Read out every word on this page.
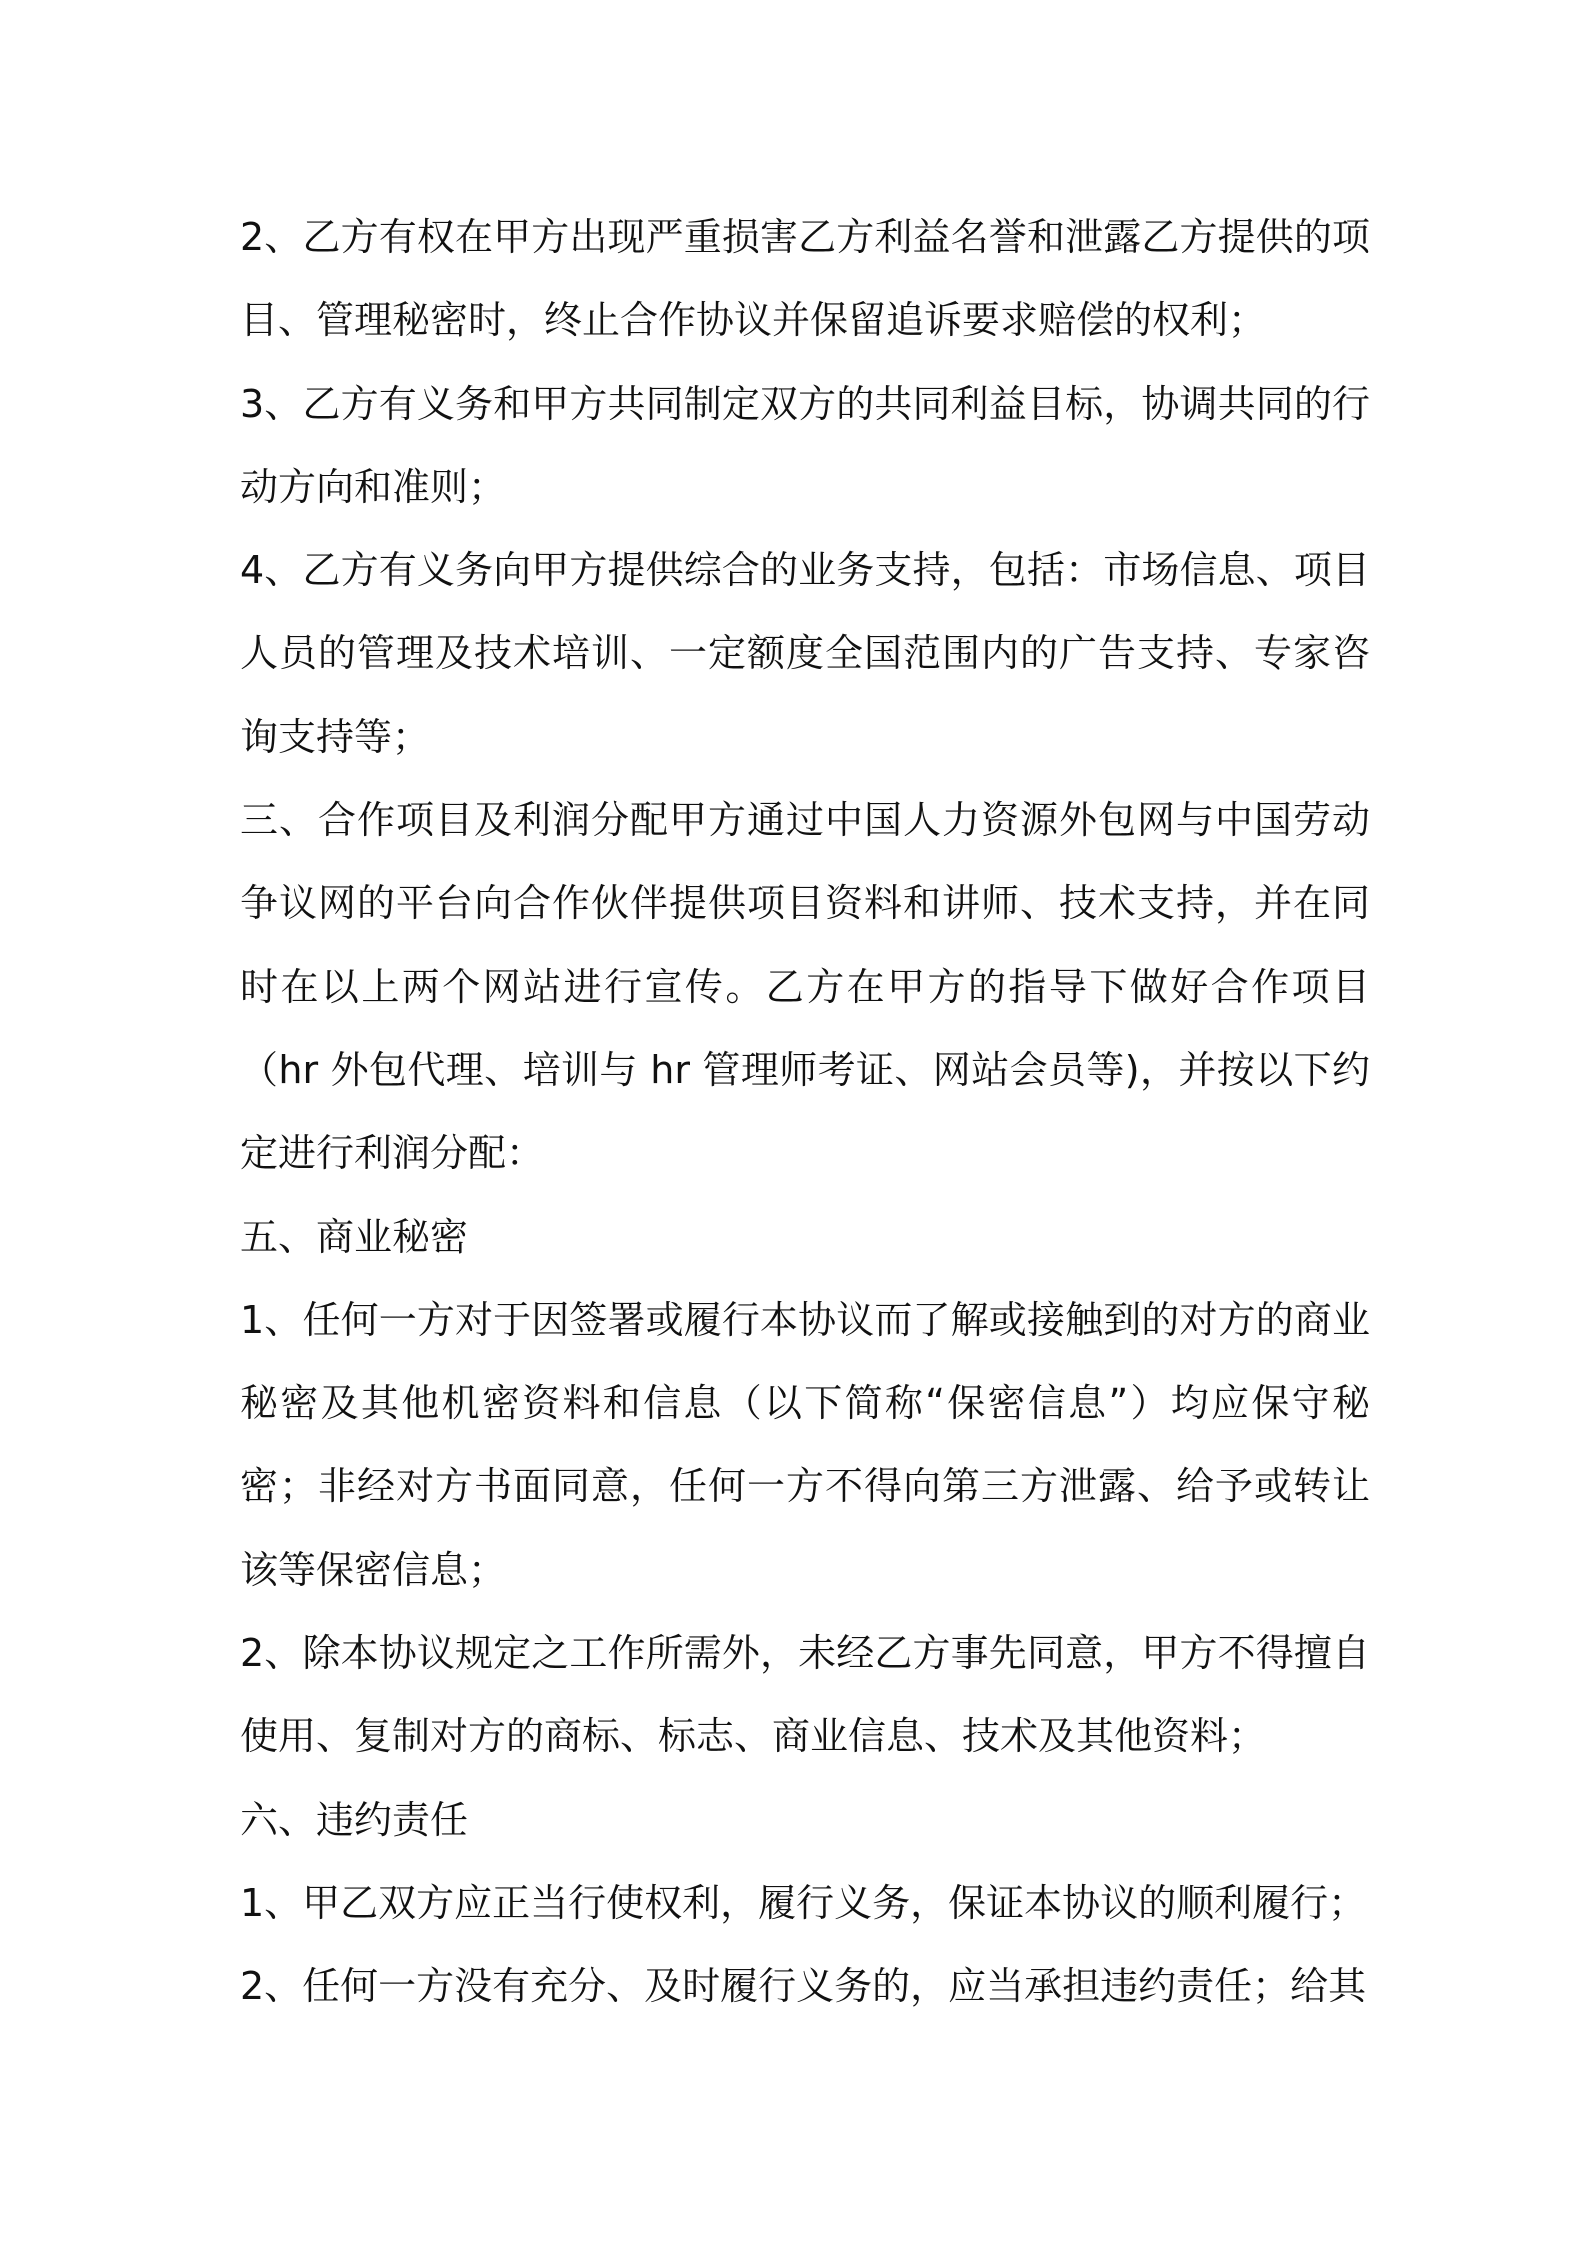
2、乙方有权在甲方出现严重损害乙方利益名誉和泄露乙方提供的项目、管理秘密时，终止合作协议并保留追诉要求赔偿的权利；

3、乙方有义务和甲方共同制定双方的共同利益目标，协调共同的行动方向和准则；

4、乙方有义务向甲方提供综合的业务支持，包括：市场信息、项目人员的管理及技术培训、一定额度全国范围内的广告支持、专家咨询支持等；

三、合作项目及利润分配甲方通过中国人力资源外包网与中国劳动争议网的平台向合作伙伴提供项目资料和讲师、技术支持，并在同时在以上两个网站进行宣传。乙方在甲方的指导下做好合作项目（hr 外包代理、培训与 hr 管理师考证、网站会员等)，并按以下约定进行利润分配：

五、商业秘密

1、任何一方对于因签署或履行本协议而了解或接触到的对方的商业秘密及其他机密资料和信息（以下简称“保密信息”）均应保守秘密；非经对方书面同意，任何一方不得向第三方泄露、给予或转让该等保密信息；

2、除本协议规定之工作所需外，未经乙方事先同意，甲方不得擅自使用、复制对方的商标、标志、商业信息、技术及其他资料；

六、违约责任

1、甲乙双方应正当行使权利，履行义务，保证本协议的顺利履行；

2、任何一方没有充分、及时履行义务的，应当承担违约责任；给其
